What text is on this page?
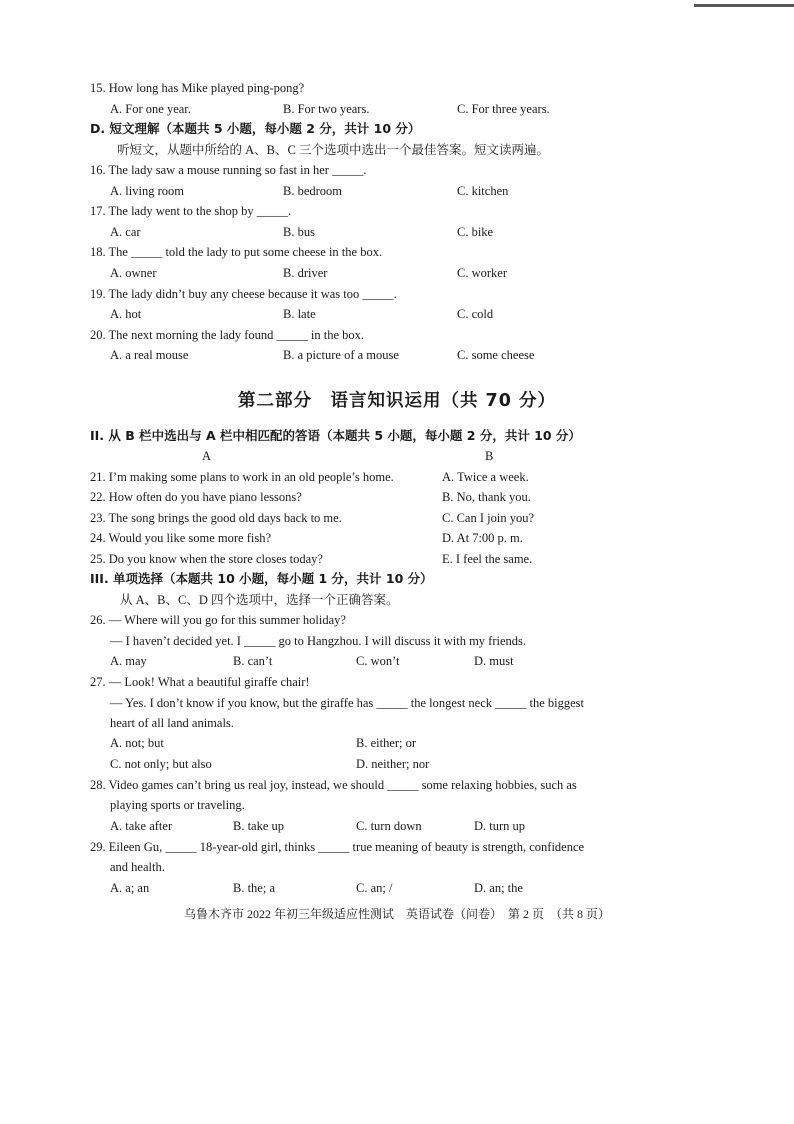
15. How long has Mike played ping-pong?
A. For one year.	B. For two years.	C. For three years.
D. 短文理解（本题共 5 小题，每小题 2 分，共计 10 分）
听短文，从题中所给的 A、B、C 三个选项中选出一个最佳答案。短文读两遍。
16. The lady saw a mouse running so fast in her _____.
A. living room	B. bedroom	C. kitchen
17. The lady went to the shop by _____.
A. car	B. bus	C. bike
18. The _____ told the lady to put some cheese in the box.
A. owner	B. driver	C. worker
19. The lady didn’t buy any cheese because it was too _____.
A. hot	B. late	C. cold
20. The next morning the lady found _____ in the box.
A. a real mouse	B. a picture of a mouse	C. some cheese
第二部分　语言知识运用（共 70 分）
II. 从 B 栏中选出与 A 栏中相匹配的答语（本题共 5 小题，每小题 2 分，共计 10 分）
A	B
21. I’m making some plans to work in an old people’s home.	A. Twice a week.
22. How often do you have piano lessons?	B. No, thank you.
23. The song brings the good old days back to me.	C. Can I join you?
24. Would you like some more fish?	D. At 7:00 p. m.
25. Do you know when the store closes today?	E. I feel the same.
III. 单项选择（本题共 10 小题，每小题 1 分，共计 10 分）
从 A、B、C、D 四个选项中，选择一个正确答案。
26. — Where will you go for this summer holiday?
— I haven’t decided yet. I _____ go to Hangzhou. I will discuss it with my friends.
A. may	B. can’t	C. won’t	D. must
27. — Look! What a beautiful giraffe chair!
— Yes. I don’t know if you know, but the giraffe has _____ the longest neck _____ the biggest
heart of all land animals.
A. not; but	B. either; or
C. not only; but also	D. neither; nor
28. Video games can’t bring us real joy, instead, we should _____ some relaxing hobbies, such as
playing sports or traveling.
A. take after	B. take up	C. turn down	D. turn up
29. Eileen Gu, _____ 18-year-old girl, thinks _____ true meaning of beauty is strength, confidence
and health.
A. a; an	B. the; a	C. an; /	D. an; the
乌鲁木齐市 2022 年初三年级适应性测试　英语试卷（问卷）　第 2 页　（共 8 页）
